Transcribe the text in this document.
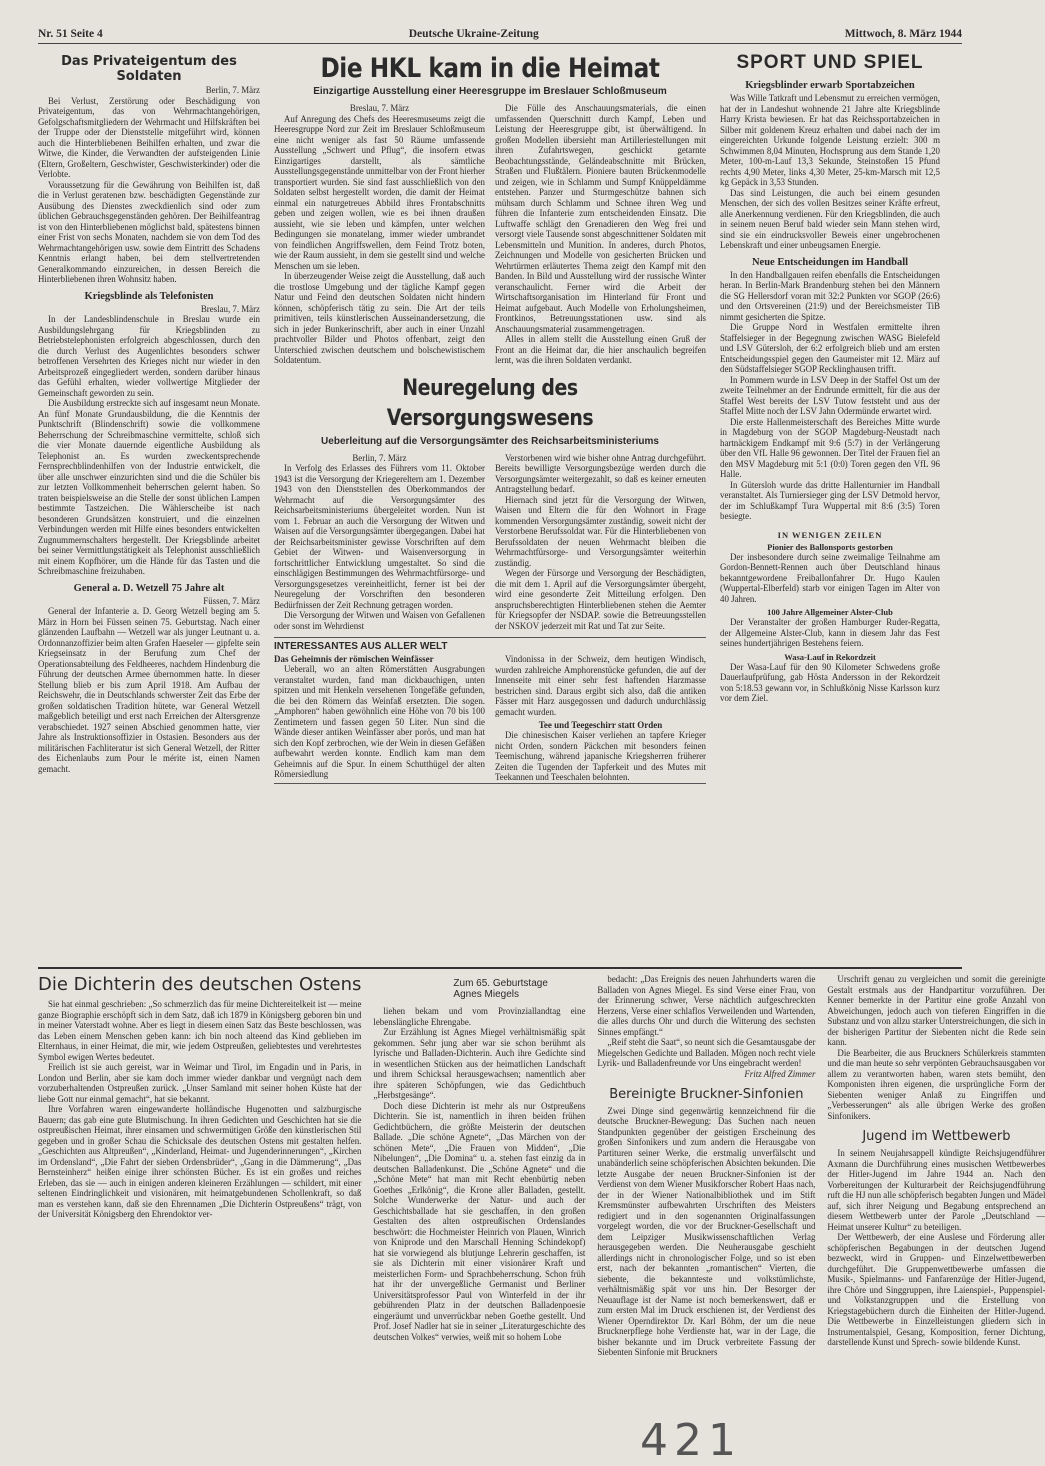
Nr. 51 Seite 4	Deutsche Ukraine-Zeitung	Mittwoch, 8. März 1944
Das Privateigentum des Soldaten
Berlin, 7. März

Bei Verlust, Zerstörung oder Beschädigung von Privateigentum, das von Wehrmachtangehörigen, Gefolgschaftsmitgliedern der Wehrmacht und Hilfskräften bei der Truppe oder der Dienststelle mitgeführt wird, können auch die Hinterbliebenen Beihilfen erhalten, und zwar die Witwe, die Kinder, die Verwandten der aufsteigenden Linie (Eltern, Großeltern, Geschwister, Geschwisterkinder) oder die Verlobte.

Voraussetzung für die Gewährung von Beihilfen ist, daß die in Verlust geratenen bzw. beschädigten Gegenstände zur Ausübung des Dienstes zweckdienlich sind oder zum üblichen Gebrauchsgegenständen gehören. Der Beihilfeantrag ist von den Hinterbliebenen möglichst bald, spätestens binnen einer Frist von sechs Monaten, nachdem sie von dem Tod des Wehrmachtangehörigen usw. sowie dem Eintritt des Schadens Kenntnis erlangt haben, bei dem stellvertretenden Generalkommando einzureichen, in dessen Bereich die Hinterbliebenen ihren Wohnsitz haben.

Kriegsblinde als Telefonisten
Breslau, 7. März

In der Landesblindenschule in Breslau wurde ein Ausbildungslehrgang für Kriegsblinden zu Betriebstelephonisten erfolgreich abgeschlossen, durch den die durch Verlust des Augenlichtes besonders schwer betroffenen Versehrten des Krieges nicht nur wieder in den Arbeitsprozeß eingegliedert werden, sondern darüber hinaus das Gefühl erhalten, wieder vollwertige Mitglieder der Gemeinschaft geworden zu sein.

Die Ausbildung erstreckte sich auf insgesamt neun Monate. An fünf Monate Grundausbildung, die die Kenntnis der Punktschrift (Blindenschrift) sowie die vollkommene Beherrschung der Schreibmaschine vermittelte, schloß sich die vier Monate dauernde eigentliche Ausbildung als Telephonist an. Es wurden zweckentsprechende Fernsprechblindenhilfen von der Industrie entwickelt, die über alle unschwer einzurichten sind und die die Schüler bis zur letzten Vollkommenheit beherrschen gelernt haben. So traten beispielsweise an die Stelle der sonst üblichen Lampen bestimmte Tastzeichen. Die Wählerscheibe ist nach besonderen Grundsätzen konstruiert, und die einzelnen Verbindungen werden mit Hilfe eines besonders entwickelten Zugnummernschalters hergestellt. Der Kriegsblinde arbeitet bei seiner Vermittlungstätigkeit als Telephonist ausschließlich mit einem Kopfhörer, um die Hände für das Tasten und die Schreibmaschine freizuhaben.

General a. D. Wetzell 75 Jahre alt
Füssen, 7. März

General der Infanterie a. D. Georg Wetzell beging am 5. März in Horn bei Füssen seinen 75. Geburtstag. Nach einer glänzenden Laufbahn — Wetzell war als junger Leutnant u. a. Ordonnanzoffizier beim alten Grafen Haeseler — gipfelte sein Kriegseinsatz in der Berufung zum Chef der Operationsabteilung des Feldheeres, nachdem Hindenburg die Führung der deutschen Armee übernommen hatte. In dieser Stellung blieb er bis zum April 1918. Am Aufbau der Reichswehr, die in Deutschlands schwerster Zeit das Erbe der großen soldatischen Tradition hütete, war General Wetzell maßgeblich beteiligt und erst nach Erreichen der Altersgrenze verabschiedet. 1927 seinen Abschied genommen hatte, vier Jahre als Instruktionsoffizier in Ostasien. Besonders aus der militärischen Fachliteratur ist sich General Wetzell, der Ritter des Eichenlaubs zum Pour le mérite ist, einen Namen gemacht.

Die HKL kam in die Heimat
Einzigartige Ausstellung einer Heeresgruppe im Breslauer Schloßmuseum
Breslau, 7. März

Auf Anregung des Chefs des Heeresmuseums zeigt die Heeresgruppe Nord zur Zeit im Breslauer Schloßmuseum eine nicht weniger als fast 50 Räume umfassende Ausstellung „Schwert und Pflug“, die insofern etwas Einzigartiges darstellt, als sämtliche Ausstellungsgegenstände unmittelbar von der Front hierher transportiert wurden. Sie sind fast ausschließlich von den Soldaten selbst hergestellt worden, die damit der Heimat einmal ein naturgetreues Abbild ihres Frontabschnitts geben und zeigen wollen, wie es bei ihnen draußen aussieht, wie sie leben und kämpfen, unter welchen Bedingungen sie monatelang, immer wieder umbrandet von feindlichen Angriffswellen, dem Feind Trotz boten, wie der Raum aussieht, in dem sie gestellt sind und welche Menschen um sie leben.

In überzeugender Weise zeigt die Ausstellung, daß auch die trostlose Umgebung und der tägliche Kampf gegen Natur und Feind den deutschen Soldaten nicht hindern können, schöpferisch tätig zu sein. Die Art der teils primitiven, teils künstlerischen Ausseinandersetzung, die sich in jeder Bunkerinschrift, aber auch in einer Unzahl prachtvoller Bilder und Photos offenbart, zeigt den Unterschied zwischen deutschem und bolschewistischem Soldatentum.

Die Fülle des Anschauungsmaterials, die einen umfassenden Querschnitt durch Kampf, Leben und Leistung der Heeresgruppe gibt, ist überwältigend. In großen Modellen übersieht man Artilleriestellungen mit ihren Zufahrtswegen, geschickt getarnte Beobachtungsstände, Geländeabschnitte mit Brücken, Straßen und Flußtälern. Pioniere bauten Brückenmodelle und zeigen, wie in Schlamm und Sumpf Knüppeldämme entstehen. Panzer und Sturmgeschütze bahnen sich mühsam durch Schlamm und Schnee ihren Weg und führen die Infanterie zum entscheidenden Einsatz. Die Luftwaffe schlägt den Grenadieren den Weg frei und versorgt viele Tausende sonst abgeschnittener Soldaten mit Lebensmitteln und Munition. In anderes, durch Photos, Zeichnungen und Modelle von gesicherten Brücken und Wehrtürmen erläutertes Thema zeigt den Kampf mit den Banden. In Bild und Ausstellung wird der russische Winter veranschaulicht. Ferner wird die Arbeit der Wirtschaftsorganisation im Hinterland für Front und Heimat aufgebaut. Auch Modelle von Erholungsheimen, Frontkinos, Betreuungsstationen usw. sind als Anschauungsmaterial zusammengetragen.

Alles in allem stellt die Ausstellung einen Gruß der Front an die Heimat dar, die hier anschaulich begreifen lernt, was die ihren Soldaten verdankt.

Neuregelung des Versorgungswesens
Ueberleitung auf die Versorgungsämter des Reichsarbeitsministeriums
Berlin, 7. März

In Verfolg des Erlasses des Führers vom 11. Oktober 1943 ist die Versorgung der Kriegereltern am 1. Dezember 1943 von den Dienststellen des Oberkommandos der Wehrmacht auf die Versorgungsämter des Reichsarbeitsministeriums übergeleitet worden. Nun ist vom 1. Februar an auch die Versorgung der Witwen und Waisen auf die Versorgungsämter übergegangen. Dabei hat der Reichsarbeitsminister gewisse Vorschriften auf dem Gebiet der Witwen- und Waisenversorgung in fortschrittlicher Entwicklung umgestaltet. So sind die einschlägigen Bestimmungen des Wehrmachtfürsorge- und Versorgungsgesetzes vereinheitlicht, ferner ist bei der Neuregelung der Vorschriften den besonderen Bedürfnissen der Zeit Rechnung getragen worden.

Die Versorgung der Witwen und Waisen von Gefallenen oder sonst im Wehrdienst

Verstorbenen wird wie bisher ohne Antrag durchgeführt. Bereits bewilligte Versorgungsbezüge werden durch die Versorgungsämter weitergezahlt, so daß es keiner erneuten Antragstellung bedarf.

Hiernach sind jetzt für die Versorgung der Witwen, Waisen und Eltern die für den Wohnort in Frage kommenden Versorgungsämter zuständig, soweit nicht der Verstorbene Berufssoldat war. Für die Hinterbliebenen von Berufssoldaten der neuen Wehrmacht bleiben die Wehrmachtfürsorge- und Versorgungsämter weiterhin zuständig.

Wegen der Fürsorge und Versorgung der Beschädigten, die mit dem 1. April auf die Versorgungsämter übergeht, wird eine gesonderte Zeit Mitteilung erfolgen. Den anspruchsberechtigten Hinterbliebenen stehen die Aemter für Kriegsopfer der NSDAP. sowie die Betreuungsstellen der NSKOV jederzeit mit Rat und Tat zur Seite.

INTERESSANTES AUS ALLER WELT
Das Geheimnis der römischen Weinfässer

Ueberall, wo an alten Römerstätten Ausgrabungen veranstaltet wurden, fand man dickbauchigen, unten spitzen und mit Henkeln versehenen Tongefäße gefunden, die bei den Römern das Weinfaß ersetzten. Die sogen. „Amphoren“ haben gewöhnlich eine Höhe von 70 bis 100 Zentimetern und fassen gegen 50 Liter. Nun sind die Wände dieser antiken Weinfässer aber porös, und man hat sich den Kopf zerbrochen, wie der Wein in diesen Gefäßen aufbewahrt werden konnte. Endlich kam man dem Geheimnis auf die Spur. In einem Schutthügel der alten Römersiedlung

Vindonissa in der Schweiz, dem heutigen Windisch, wurden zahlreiche Amphorenstücke gefunden, die auf der Innenseite mit einer sehr fest haftenden Harzmasse bestrichen sind. Daraus ergibt sich also, daß die antiken Fässer mit Harz ausgegossen und dadurch undurchlässig gemacht wurden.

Tee und Teegeschirr statt Orden

Die chinesischen Kaiser verliehen an tapfere Krieger nicht Orden, sondern Päckchen mit besonders feinen Teemischung, während japanische Kriegsherren früherer Zeiten die Tugenden der Tapferkeit und des Mutes mit Teekannen und Teeschalen belohnten.

SPORT UND SPIEL
Kriegsblinder erwarb Sportabzeichen

Was Wille Tatkraft und Lebensmut zu erreichen vermögen, hat der in Landeshut wohnende 21 Jahre alte Kriegsblinde Harry Krista bewiesen. Er hat das Reichssportabzeichen in Silber mit goldenem Kreuz erhalten und dabei nach der im eingereichten Urkunde folgende Leistung erzielt: 300 m Schwimmen 8,04 Minuten, Hochsprung aus dem Stande 1,20 Meter, 100-m-Lauf 13,3 Sekunde, Steinstoßen 15 Pfund rechts 4,90 Meter, links 4,30 Meter, 25-km-Marsch mit 12,5 kg Gepäck in 3,53 Stunden.

Das sind Leistungen, die auch bei einem gesunden Menschen, der sich des vollen Besitzes seiner Kräfte erfreut, alle Anerkennung verdienen. Für den Kriegsblinden, die auch in seinem neuen Beruf bald wieder sein Mann stehen wird, sind sie ein eindrucksvoller Beweis einer ungebrochenen Lebenskraft und einer unbeugsamen Energie.

Neue Entscheidungen im Handball

In den Handballgauen reifen ebenfalls die Entscheidungen heran. In Berlin-Mark Brandenburg stehen bei den Männern die SG Hellersdorf voran mit 32:2 Punkten vor SGOP (26:6) und den Ortsvereinen (21:9) und der Bereichsmeister TiB nimmt gesicherten die Spitze.

Die Gruppe Nord in Westfalen ermittelte ihren Staffelsieger in der Begegnung zwischen WASG Bielefeld und LSV Gütersloh, der 6:2 erfolgreich blieb und am ersten Entscheidungsspiel gegen den Gaumeister mit 12. März auf den Südstaffelsieger SGOP Recklinghausen trifft.

In Pommern wurde in LSV Deep in der Staffel Ost um der zweite Teilnehmer an der Endrunde ermittelt, für die aus der Staffel West bereits der LSV Tutow feststeht und aus der Staffel Mitte noch der LSV Jahn Odermünde erwartet wird.

Die erste Hallenmeisterschaft des Bereiches Mitte wurde in Magdeburg von der SGOP Magdeburg-Neustadt nach hartnäckigem Endkampf mit 9:6 (5:7) in der Verlängerung über den VfL Halle 96 gewonnen. Der Titel der Frauen fiel an den MSV Magdeburg mit 5:1 (0:0) Toren gegen den VfL 96 Halle.

In Gütersloh wurde das dritte Hallenturnier im Handball veranstaltet. Als Turniersieger ging der LSV Detmold hervor, der im Schlußkampf Tura Wuppertal mit 8:6 (3:5) Toren besiegte.

IN WENIGEN ZEILEN
Pionier des Ballonsports gestorben

Der insbesondere durch seine zweimalige Teilnahme am Gordon-Bennett-Rennen auch über Deutschland hinaus bekanntgewordene Freiballonfahrer Dr. Hugo Kaulen (Wuppertal-Elberfeld) starb vor einigen Tagen im Alter von 40 Jahren.

100 Jahre Allgemeiner Alster-Club

Der Veranstalter der großen Hamburger Ruder-Regatta, der Allgemeine Alster-Club, kann in diesem Jahr das Fest seines hundertjährigen Bestehens feiern.

Wasa-Lauf in Rekordzeit

Der Wasa-Lauf für den 90 Kilometer Schwedens große Dauerlaufprüfung, gab Hösta Andersson in der Rekordzeit von 5:18.53 gewann vor, in Schlußkönig Nisse Karlsson kurz vor dem Ziel.

Die Dichterin des deutschen Ostens

Sie hat einmal geschrieben: „So schmerzlich das für meine Dichtereitelkeit ist — meine ganze Biographie erschöpft sich in dem Satz, daß ich 1879 in Königsberg geboren bin und in meiner Vaterstadt wohne. Aber es liegt in diesem einen Satz das Beste beschlossen, was das Leben einem Menschen geben kann: ich bin noch alteend das Kind geblieben im Elternhaus, in einer Heimat, die mir, wie jedem Ostpreußen, geliebtestes und verehrtestes Symbol ewigen Wertes bedeutet.

Freilich ist sie auch gereist, war in Weimar und Tirol, im Engadin und in Paris, in London und Berlin, aber sie kam doch immer wieder dankbar und vergnügt nach dem vorzuberhaltenden Ostpreußen zurück. „Unser Samland mit seiner hohen Küste hat der liebe Gott nur einmal gemacht“, hat sie bekannt.

Ihre Vorfahren waren eingewanderte holländische Hugenotten und salzburgische Bauern; das gab eine gute Blutmischung. In ihren Gedichten und Geschichten hat sie die ostpreußischen Heimat, ihrer einsamen und schwermütigen Größe den künstlerischen Stil gegeben und in großer Schau die Schicksale des deutschen Ostens mit gestalten helfen. „Geschichten aus Altpreußen“, „Kinderland, Heimat- und Jugenderinnerungen“, „Kirchen im Ordensland“, „Die Fahrt der sieben Ordensbrüder“, „Gang in die Dämmerung“, „Das Bernsteinherz“ heißen einige ihrer schönsten Bücher. Es ist ein großes und reiches Erleben, das sie — auch in einigen anderen kleineren Erzählungen — schildert, mit einer seltenen Eindringlichkeit und visionären, mit heimatgebundenen Schollenkraft, so daß man es verstehen kann, daß sie den Ehrennamen „Die Dichterin Ostpreußens“ trägt, von der Universität Königsberg den Ehrendoktor ver-

Zum 65. Geburtstage
Agnes Miegels

liehen bekam und vom Provinziallandtag eine lebenslängliche Ehrengabe.

Zur Erzählung ist Agnes Miegel verhältnismäßig spät gekommen. Sehr jung aber war sie schon berühmt als lyrische und Balladen-Dichterin. Auch ihre Gedichte sind in wesentlichen Stücken aus der heimatlichen Landschaft und ihrem Schicksal herausgewachsen; namentlich aber ihre späteren Schöpfungen, wie das Gedichtbuch „Herbstgesänge“.

Doch diese Dichterin ist mehr als nur Ostpreußens Dichterin. Sie ist, namentlich in ihren beiden frühen Gedichtbüchern, die größte Meisterin der deutschen Ballade. „Die schöne Agnete“, „Das Märchen von der schönen Mete“, „Die Frauen von Midden“, „Die Nibelungen“, „Die Domina“ u. a. stehen fast einzig da in deutschen Balladenkunst. Die „Schöne Agnete“ und die „Schöne Mete“ hat man mit Recht ebenbürtig neben Goethes „Erlkönig“, die Krone aller Balladen, gestellt. Solche Wunderwerke der Natur- und auch der Geschichtsballade hat sie geschaffen, in den großen Gestalten des alten ostpreußischen Ordenslandes beschwört: die Hochmeister Heinrich von Plauen, Winrich von Kniprode und den Marschall Henning Schindekopf) hat sie vorwiegend als blutjunge Lehrerin geschaffen, ist sie als Dichterin mit einer visionärer Kraft und meisterlichen Form- und Sprachbeherrschung. Schon früh hat ihr der unvergeßliche Germanist und Berliner Universitätsprofessor Paul von Winterfeld in der ihr gebührenden Platz in der deutschen Balladenpoesie eingeräumt und unverrückbar neben Goethe gestellt. Und Prof. Josef Nadler hat sie in seiner „Literaturgeschichte des deutschen Volkes“ verwies, weiß mit so hohem Lobe

bedacht: „Das Ereignis des neuen Jahrhunderts waren die Balladen von Agnes Miegel. Es sind Verse einer Frau, von der Erinnerung schwer, Verse nächtlich aufgeschreckten Herzens, Verse einer schlaflos Verweilenden und Wartenden, die alles durchs Ohr und durch die Witterung des sechsten Sinnes empfängt.“

„Reif steht die Saat“, so neunt sich die Gesamtausgabe der Miegelschen Gedichte und Balladen. Mögen noch recht viele Lyrik- und Balladenfreunde vor Uns eingebracht werden!

Fritz Alfred Zimmer
Bereinigte Bruckner-Sinfonien

Zwei Dinge sind gegenwärtig kennzeichnend für die deutsche Bruckner-Bewegung: Das Suchen nach neuen Standpunkten gegenüber der geistigen Erscheinung des großen Sinfonikers und zum andern die Herausgabe von Partituren seiner Werke, die erstmalig unverfälscht und unabänderlich seine schöpferischen Absichten bekunden. Die letzte Ausgabe der neuen Bruckner-Sinfonien ist der Verdienst von dem Wiener Musikforscher Robert Haas nach, der in der Wiener Nationalbibliothek und im Stift Kremsmünster aufbewahrten Urschriften des Meisters redigiert und in den sogenannten Originalfassungen vorgelegt worden, die vor der Bruckner-Gesellschaft und dem Leipziger Musikwissenschaftlichen Verlag herausgegeben werden. Die Neuherausgabe geschieht allerdings nicht in chronologischer Folge, und so ist eben erst, nach der bekannten „romantischen“ Vierten, die siebente, die bekannteste und volkstümlichste, verhältnismäßig spät vor uns hin. Der Besorger der Neuauflage ist der Name ist noch bemerkenswert, daß er zum ersten Mal im Druck erschienen ist, der Verdienst des Wiener Operndirektor Dr. Karl Böhm, der um die neue Brucknerpflege hohe Verdienste hat, war in der Lage, die bisher bekannte und im Druck verbreitete Fassung der Siebenten Sinfonie mit Bruckners

Urschrift genau zu vergleichen und somit die gereinigte Gestalt erstmals aus der Handpartitur vorzuführen. Der Kenner bemerkte in der Partitur eine große Anzahl von Abweichungen, jedoch auch von tieferen Eingriffen in die Substanz und von allzu starker Unterstreichungen, die sich in der bisherigen Partitur der Siebenten nicht die Rede sein kann.

Die Bearbeiter, die aus Bruckners Schülerkreis stammten und die man heute so sehr verpönten Gebrauchsausgaben vor allem zu verantworten haben, waren stets bemüht, den Komponisten ihren eigenen, die ursprüngliche Form der Siebenten weniger Anlaß zu Eingriffen und „Verbesserungen“ als alle übrigen Werke des großen Sinfonikers.

Jugend im Wettbewerb

In seinem Neujahrsappell kündigte Reichsjugendführer Axmann die Durchführung eines musischen Wettbewerbes der Hitler-Jugend im Jahre 1944 an. Nach den Vorbereitungen der Kulturarbeit der Reichsjugendführung ruft die HJ nun alle schöpferisch begabten Jungen und Mädel auf, sich ihrer Neigung und Begabung entsprechend an diesem Wettbewerb unter der Parole „Deutschland — Heimat unserer Kultur“ zu beteiligen.

Der Wettbewerb, der eine Auslese und Förderung aller schöpferischen Begabungen in der deutschen Jugend bezweckt, wird in Gruppen- und Einzelwettbewerben durchgeführt. Die Gruppenwettbewerbe umfassen die Musik-, Spielmanns- und Fanfarenzüge der Hitler-Jugend, ihre Chöre und Singgruppen, ihre Laienspiel-, Puppenspiel- und Volkstanzgruppen und die Erstellung von Kriegstagebüchern durch die Einheiten der Hitler-Jugend. Die Wettbewerbe in Einzelleistungen gliedern sich in Instrumentalspiel, Gesang, Komposition, ferner Dichtung, darstellende Kunst und Sprech- sowie bildende Kunst.

421
